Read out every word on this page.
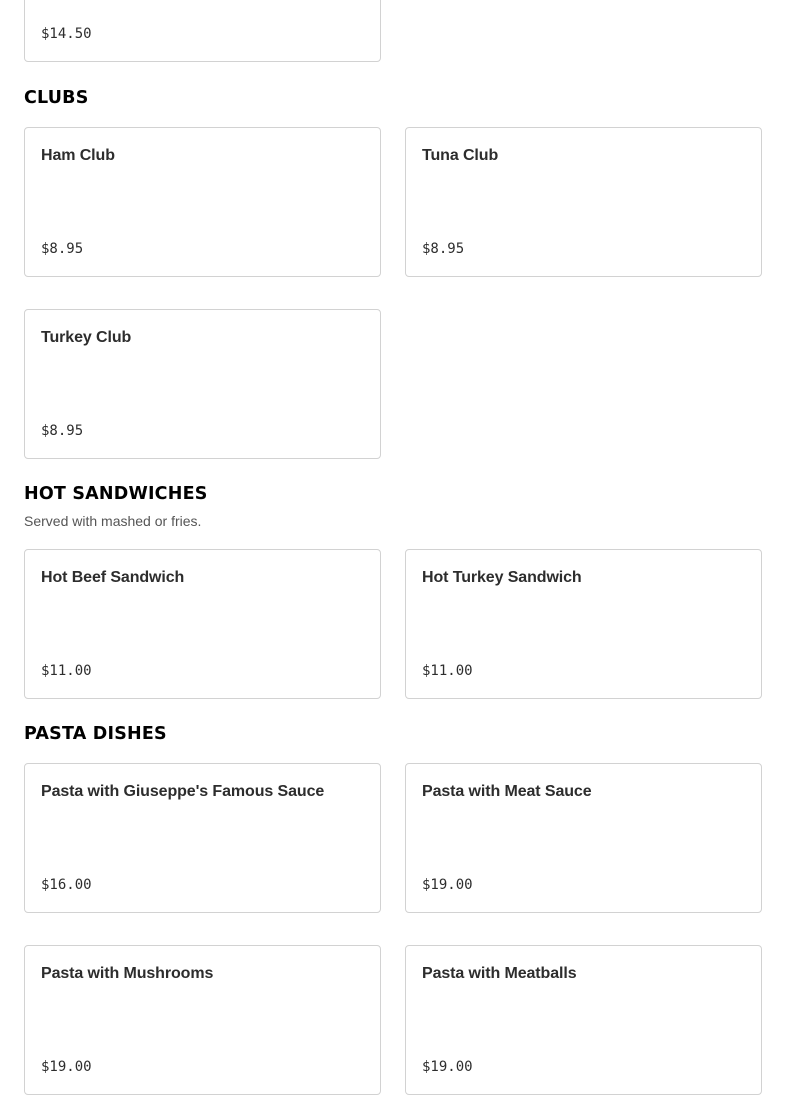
$14.50
CLUBS
Ham Club
$8.95
Tuna Club
$8.95
Turkey Club
$8.95
HOT SANDWICHES

Served with mashed or fries.

Hot Beef Sandwich
$11.00
Hot Turkey Sandwich
$11.00
PASTA DISHES
Pasta with Giuseppe's Famous Sauce
$16.00
Pasta with Meat Sauce
$19.00
Pasta with Mushrooms
$19.00
Pasta with Meatballs
$19.00
